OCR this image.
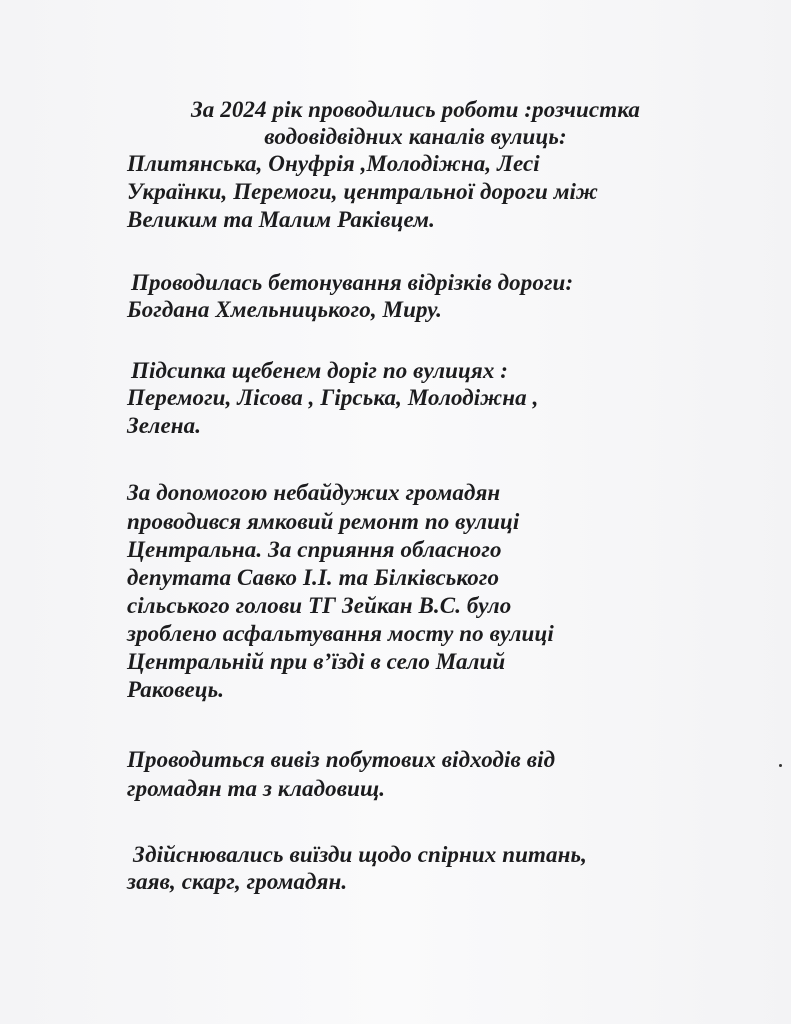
За 2024 рік проводились роботи :розчистка
водовідвідних каналів вулиць:
Плитянська, Онуфрія ,Молодіжна, Лесі
Українки, Перемоги, центральної дороги між
Великим та Малим Раківцем.
Проводилась бетонування відрізків дороги:
Богдана Хмельницького, Миру.
Підсипка щебенем доріг по вулицях :
Перемоги, Лісова , Гірська, Молодіжна ,
Зелена.
За допомогою небайдужих громадян
проводився ямковий ремонт по вулиці
Центральна. За сприяння обласного
депутата Савко І.І. та Білківського
сільського голови ТГ Зейкан В.С. було
зроблено асфальтування мосту по вулиці
Центральній при в’їзді в село Малий
Раковець.
Проводиться вивіз побутових відходів від
громадян та з кладовищ.
Здійснювались виїзди щодо спірних питань,
заяв, скарг, громадян.
